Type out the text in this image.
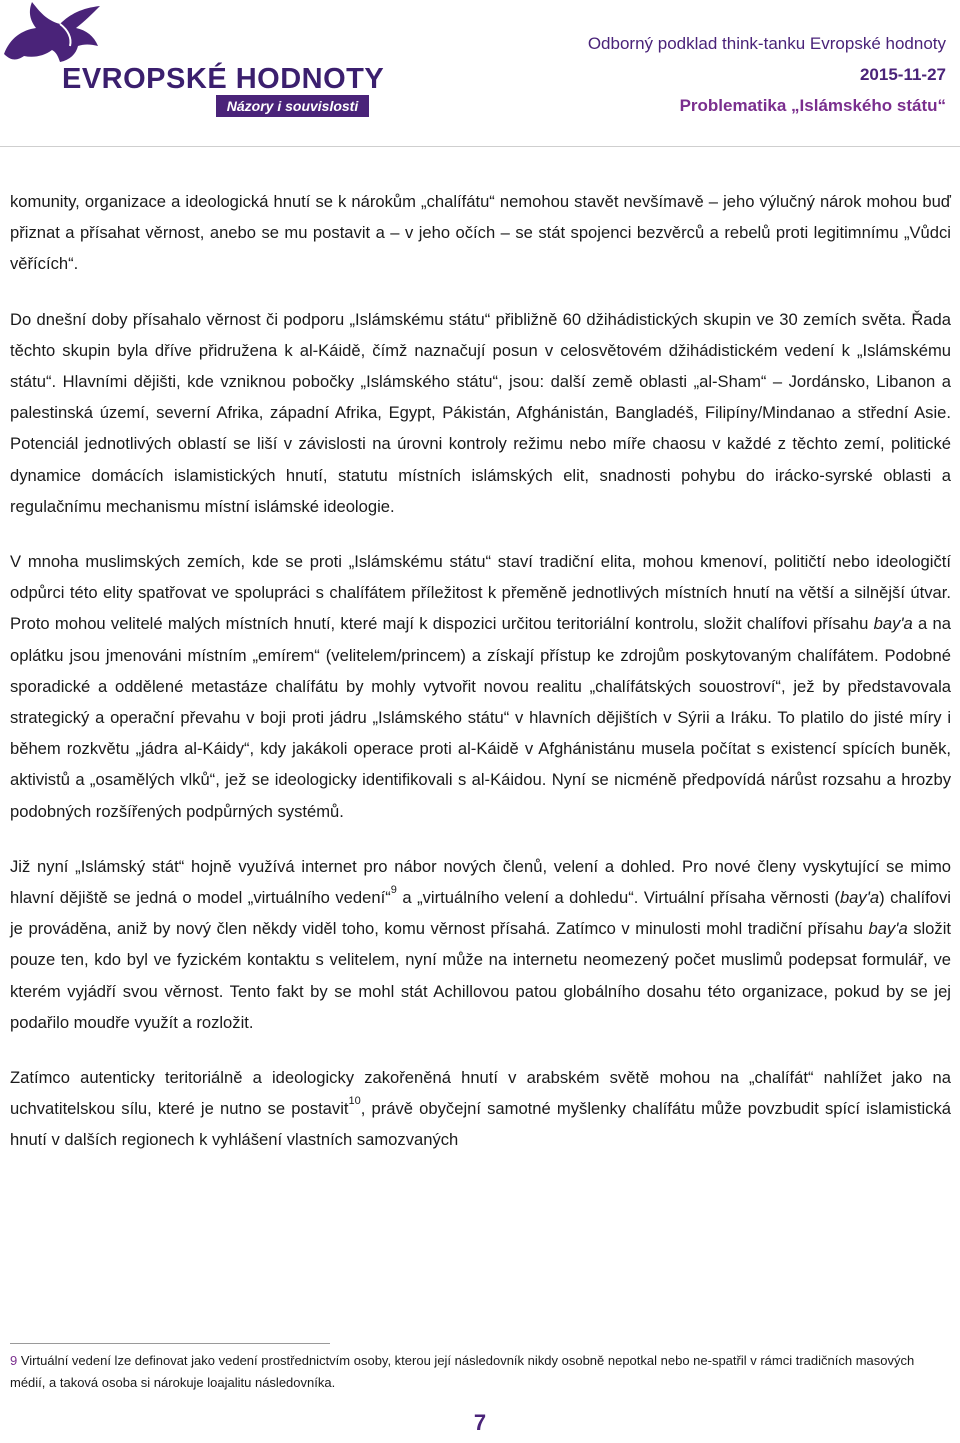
EVROPSKÉ HODNOTY
Názory i souvislosti
Odborný podklad think-tanku Evropské hodnoty
2015-11-27
Problematika „Islámského státu“

komunity, organizace a ideologická hnutí se k nárokům „chalífátu“ nemohou stavět nevšímavě – jeho výlučný nárok mohou buď přiznat a přísahat věrnost, anebo se mu postavit a – v jeho očích – se stát spojenci bezvěrců a rebelů proti legitimnímu „Vůdci věřících“.

Do dnešní doby přísahalo věrnost či podporu „Islámskému státu“ přibližně 60 džihádistických skupin ve 30 zemích světa. Řada těchto skupin byla dříve přidružena k al-Káidě, čímž naznačují posun v celosvětovém džihádistickém vedení k „Islámskému státu“. Hlavními dějišti, kde vzniknou pobočky „Islámského státu“, jsou: další země oblasti „al-Sham“ – Jordánsko, Libanon a palestinská území, severní Afrika, západní Afrika, Egypt, Pákistán, Afghánistán, Bangladéš, Filipíny/Mindanao a střední Asie. Potenciál jednotlivých oblastí se liší v závislosti na úrovni kontroly režimu nebo míře chaosu v každé z těchto zemí, politické dynamice domácích islamistických hnutí, statutu místních islámských elit, snadnosti pohybu do irácko-syrské oblasti a regulačnímu mechanismu místní islámské ideologie.

V mnoha muslimských zemích, kde se proti „Islámskému státu“ staví tradiční elita, mohou kmenoví, političtí nebo ideologičtí odpůrci této elity spatřovat ve spolupráci s chalífátem příležitost k přeměně jednotlivých místních hnutí na větší a silnější útvar. Proto mohou velitelé malých místních hnutí, které mají k dispozici určitou teritoriální kontrolu, složit chalífovi přísahu bay'a a na oplátku jsou jmenováni místním „emírem“ (velitelem/princem) a získají přístup ke zdrojům poskytovaným chalífátem. Podobné sporadické a oddělené metastáze chalífátu by mohly vytvořit novou realitu „chalífátských souostroví“, jež by představovala strategický a operační převahu v boji proti jádru „Islámského státu“ v hlavních dějištích v Sýrii a Iráku. To platilo do jisté míry i během rozkvětu „jádra al-Káidy“, kdy jakákoli operace proti al-Káidě v Afghánistánu musela počítat s existencí spících buněk, aktivistů a „osamělých vlků“, jež se ideologicky identifikovali s al-Káidou. Nyní se nicméně předpovídá nárůst rozsahu a hrozby podobných rozšířených podpůrných systémů.

Již nyní „Islámský stát“ hojně využívá internet pro nábor nových členů, velení a dohled. Pro nové členy vyskytující se mimo hlavní dějiště se jedná o model „virtuálního vedení“$^9$ a „virtuálního velení a dohledu“. Virtuální přísaha věrnosti (bay'a) chalífovi je prováděna, aniž by nový člen někdy viděl toho, komu věrnost přísahá. Zatímco v minulosti mohl tradiční přísahu bay'a složit pouze ten, kdo byl ve fyzickém kontaktu s velitelem, nyní může na internetu neomezený počet muslimů podepsat formulář, ve kterém vyjádří svou věrnost. Tento fakt by se mohl stát Achillovou patou globálního dosahu této organizace, pokud by se jej podařilo moudře využít a rozložit.

Zatímco autenticky teritoriálně a ideologicky zakořeněná hnutí v arabském světě mohou na „chalífát“ nahlížet jako na uchvatitelskou sílu, které je nutno se postavit$^{10}$, právě obyčejní samotné myšlenky chalífátu může povzbudit spící islamistická hnutí v dalších regionech k vyhlášení vlastních samozvaných

9 Virtuální vedení lze definovat jako vedení prostřednictvím osoby, kterou její následovník nikdy osobně nepotkal nebo ne-spatřil v rámci tradičních masových médií, a taková osoba si nárokuje loajalitu následovníka.
7
